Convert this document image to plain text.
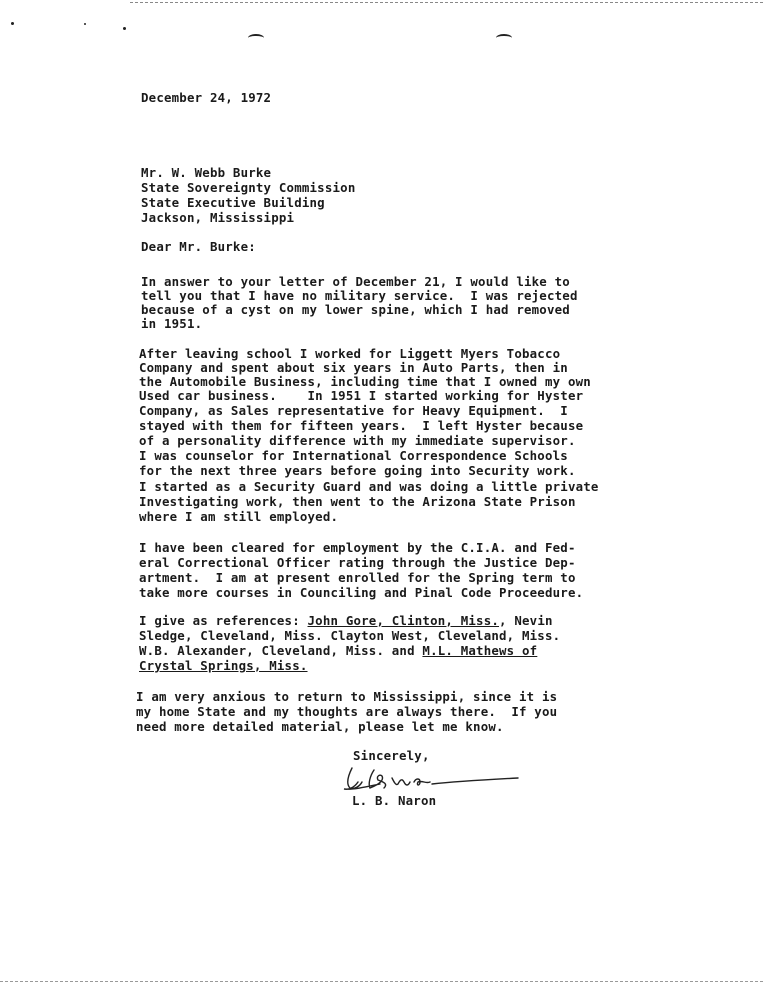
December 24, 1972
Mr. W. Webb Burke
State Sovereignty Commission
State Executive Building
Jackson, Mississippi
Dear Mr. Burke:
In answer to your letter of December 21, I would like to
tell you that I have no military service.  I was rejected
because of a cyst on my lower spine, which I had removed
in 1951.
After leaving school I worked for Liggett Myers Tobacco
Company and spent about six years in Auto Parts, then in
the Automobile Business, including time that I owned my own
Used car business.    In 1951 I started working for Hyster
Company, as Sales representative for Heavy Equipment.  I
stayed with them for fifteen years.  I left Hyster because
of a personality difference with my immediate supervisor.
I was counselor for International Correspondence Schools
for the next three years before going into Security work.
I started as a Security Guard and was doing a little private
Investigating work, then went to the Arizona State Prison
where I am still employed.
I have been cleared for employment by the C.I.A. and Fed-
eral Correctional Officer rating through the Justice Dep-
artment.  I am at present enrolled for the Spring term to
take more courses in Counciling and Pinal Code Proceedure.
I give as references: John Gore, Clinton, Miss., Nevin
Sledge, Cleveland, Miss. Clayton West, Cleveland, Miss.
W.B. Alexander, Cleveland, Miss. and M.L. Mathews of
Crystal Springs, Miss.
I am very anxious to return to Mississippi, since it is
my home State and my thoughts are always there.  If you
need more detailed material, please let me know.
Sincerely,
L. B. Naron
